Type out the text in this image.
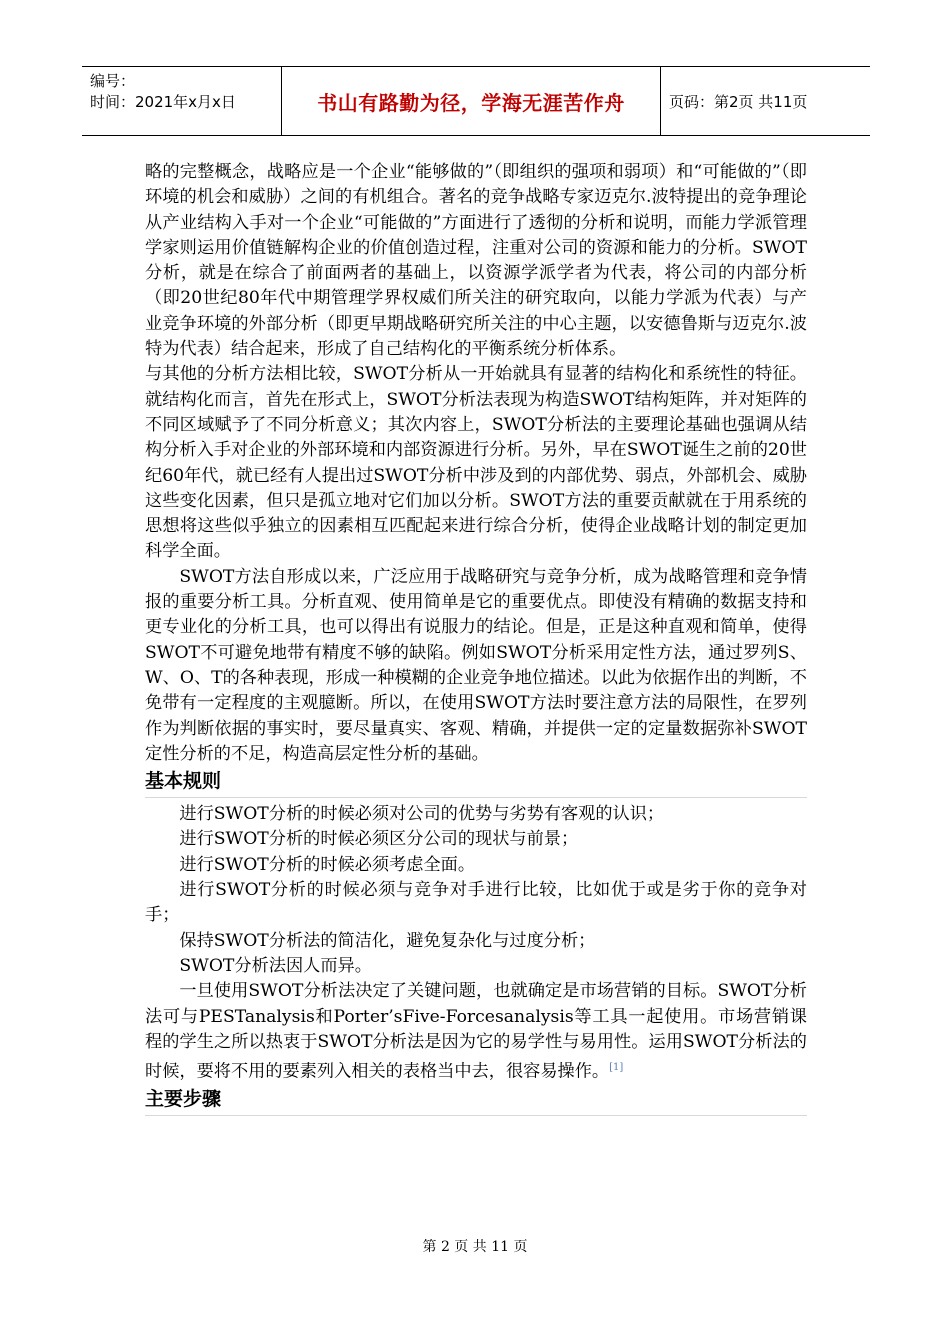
编号：
时间：2021年x月x日	书山有路勤为径，学海无涯苦作舟	页码：第2页 共11页

略的完整概念，战略应是一个企业“能够做的”（即组织的强项和弱项）和“可能做的”（即环境的机会和威胁）之间的有机组合。著名的竞争战略专家迈克尔.波特提出的竞争理论从产业结构入手对一个企业“可能做的”方面进行了透彻的分析和说明，而能力学派管理学家则运用价值链解构企业的价值创造过程，注重对公司的资源和能力的分析。SWOT分析，就是在综合了前面两者的基础上，以资源学派学者为代表，将公司的内部分析（即20世纪80年代中期管理学界权威们所关注的研究取向，以能力学派为代表）与产业竞争环境的外部分析（即更早期战略研究所关注的中心主题，以安德鲁斯与迈克尔.波特为代表）结合起来，形成了自己结构化的平衡系统分析体系。

与其他的分析方法相比较，SWOT分析从一开始就具有显著的结构化和系统性的特征。就结构化而言，首先在形式上，SWOT分析法表现为构造SWOT结构矩阵，并对矩阵的不同区域赋予了不同分析意义；其次内容上，SWOT分析法的主要理论基础也强调从结构分析入手对企业的外部环境和内部资源进行分析。另外，早在SWOT诞生之前的20世纪60年代，就已经有人提出过SWOT分析中涉及到的内部优势、弱点，外部机会、威胁这些变化因素，但只是孤立地对它们加以分析。SWOT方法的重要贡献就在于用系统的思想将这些似乎独立的因素相互匹配起来进行综合分析，使得企业战略计划的制定更加科学全面。

SWOT方法自形成以来，广泛应用于战略研究与竞争分析，成为战略管理和竞争情报的重要分析工具。分析直观、使用简单是它的重要优点。即使没有精确的数据支持和更专业化的分析工具，也可以得出有说服力的结论。但是，正是这种直观和简单，使得SWOT不可避免地带有精度不够的缺陷。例如SWOT分析采用定性方法，通过罗列S、W、O、T的各种表现，形成一种模糊的企业竞争地位描述。以此为依据作出的判断，不免带有一定程度的主观臆断。所以，在使用SWOT方法时要注意方法的局限性，在罗列作为判断依据的事实时，要尽量真实、客观、精确，并提供一定的定量数据弥补SWOT定性分析的不足，构造高层定性分析的基础。

基本规则

进行SWOT分析的时候必须对公司的优势与劣势有客观的认识；

进行SWOT分析的时候必须区分公司的现状与前景；

进行SWOT分析的时候必须考虑全面。

进行SWOT分析的时候必须与竞争对手进行比较，比如优于或是劣于你的竞争对手；

保持SWOT分析法的简洁化，避免复杂化与过度分析；

SWOT分析法因人而异。

一旦使用SWOT分析法决定了关键问题，也就确定是市场营销的目标。SWOT分析法可与PESTanalysis和Porter’sFive-Forcesanalysis等工具一起使用。市场营销课程的学生之所以热衷于SWOT分析法是因为它的易学性与易用性。运用SWOT分析法的时候，要将不用的要素列入相关的表格当中去，很容易操作。[1]

主要步骤
第 2 页 共 11 页
